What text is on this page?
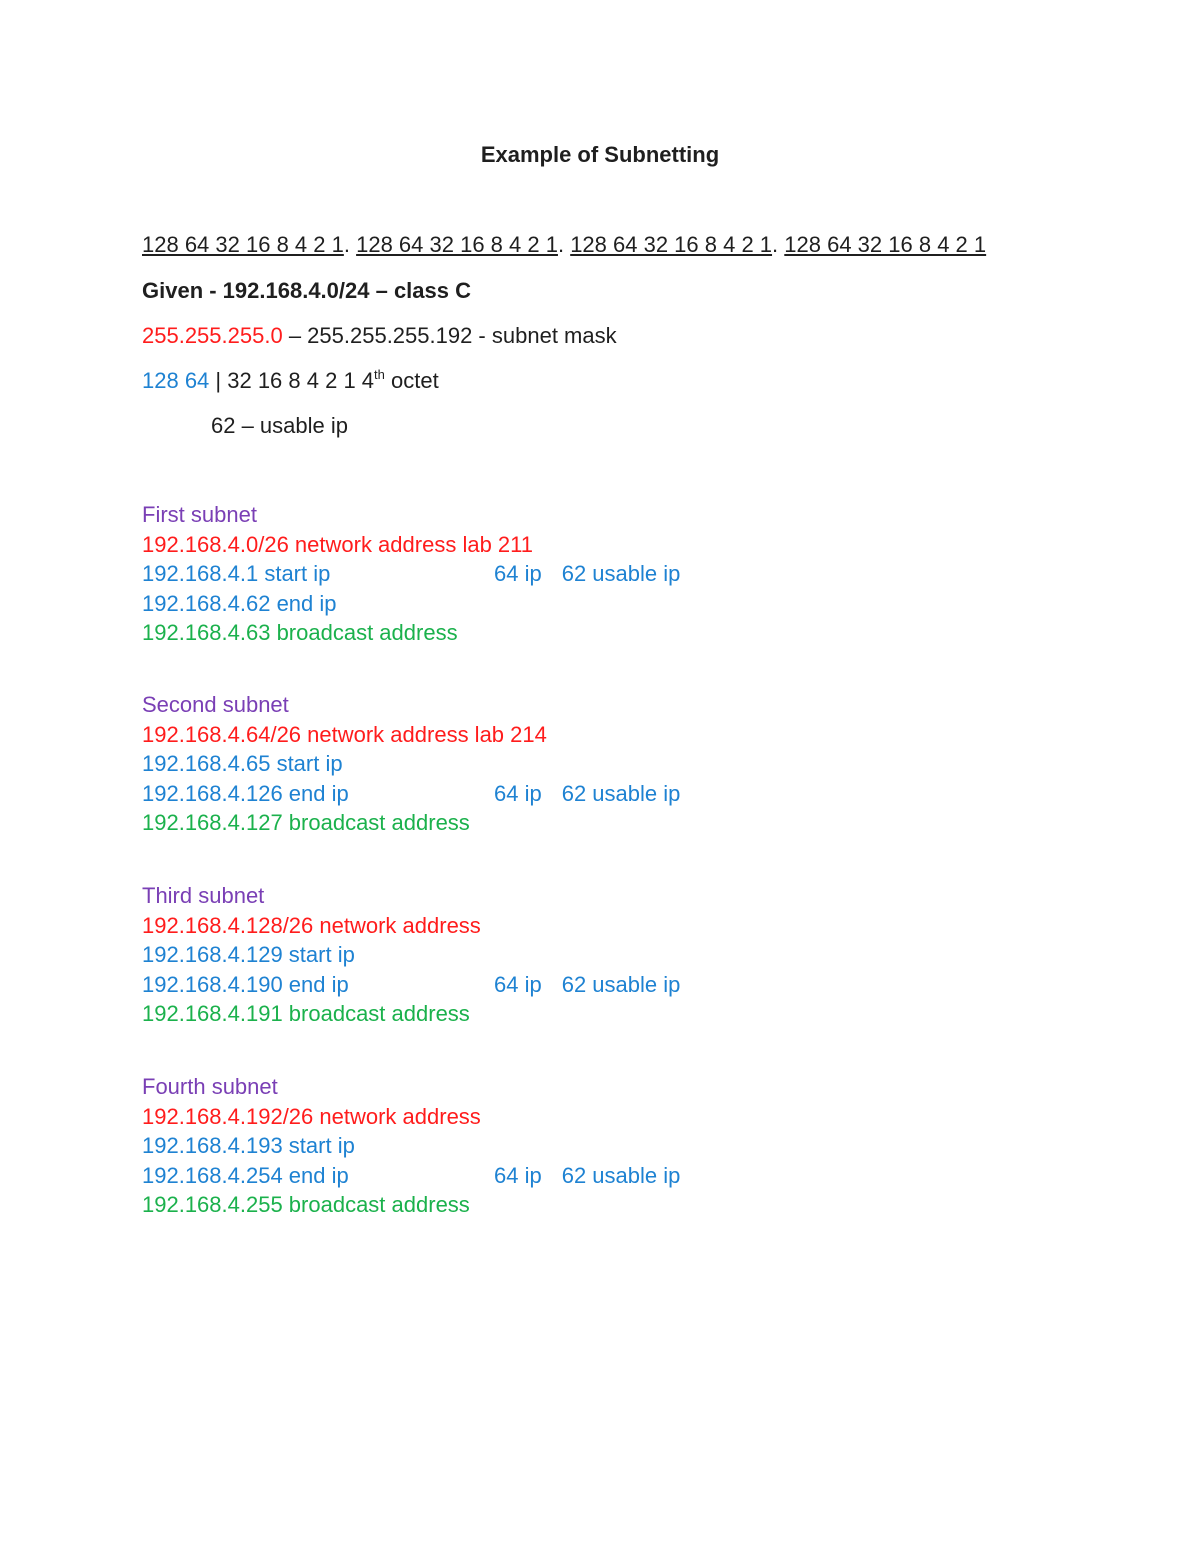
Example of Subnetting
128 64 32 16 8 4 2 1. 128 64 32 16 8 4 2 1. 128 64 32 16 8 4 2 1. 128 64 32 16 8 4 2 1
Given - 192.168.4.0/24 – class C
255.255.255.0 – 255.255.255.192 - subnet mask
128 64 | 32 16 8 4 2 1 4th octet
62 – usable ip
First subnet
192.168.4.0/26 network address lab 211
192.168.4.1 start ip	64 ip 62 usable ip
192.168.4.62 end ip
192.168.4.63 broadcast address
Second subnet
192.168.4.64/26 network address lab 214
192.168.4.65 start ip
192.168.4.126 end ip	64 ip 62 usable ip
192.168.4.127 broadcast address
Third subnet
192.168.4.128/26 network address
192.168.4.129 start ip
192.168.4.190 end ip	64 ip 62 usable ip
192.168.4.191 broadcast address
Fourth subnet
192.168.4.192/26 network address
192.168.4.193 start ip
192.168.4.254 end ip	64 ip 62 usable ip
192.168.4.255 broadcast address
